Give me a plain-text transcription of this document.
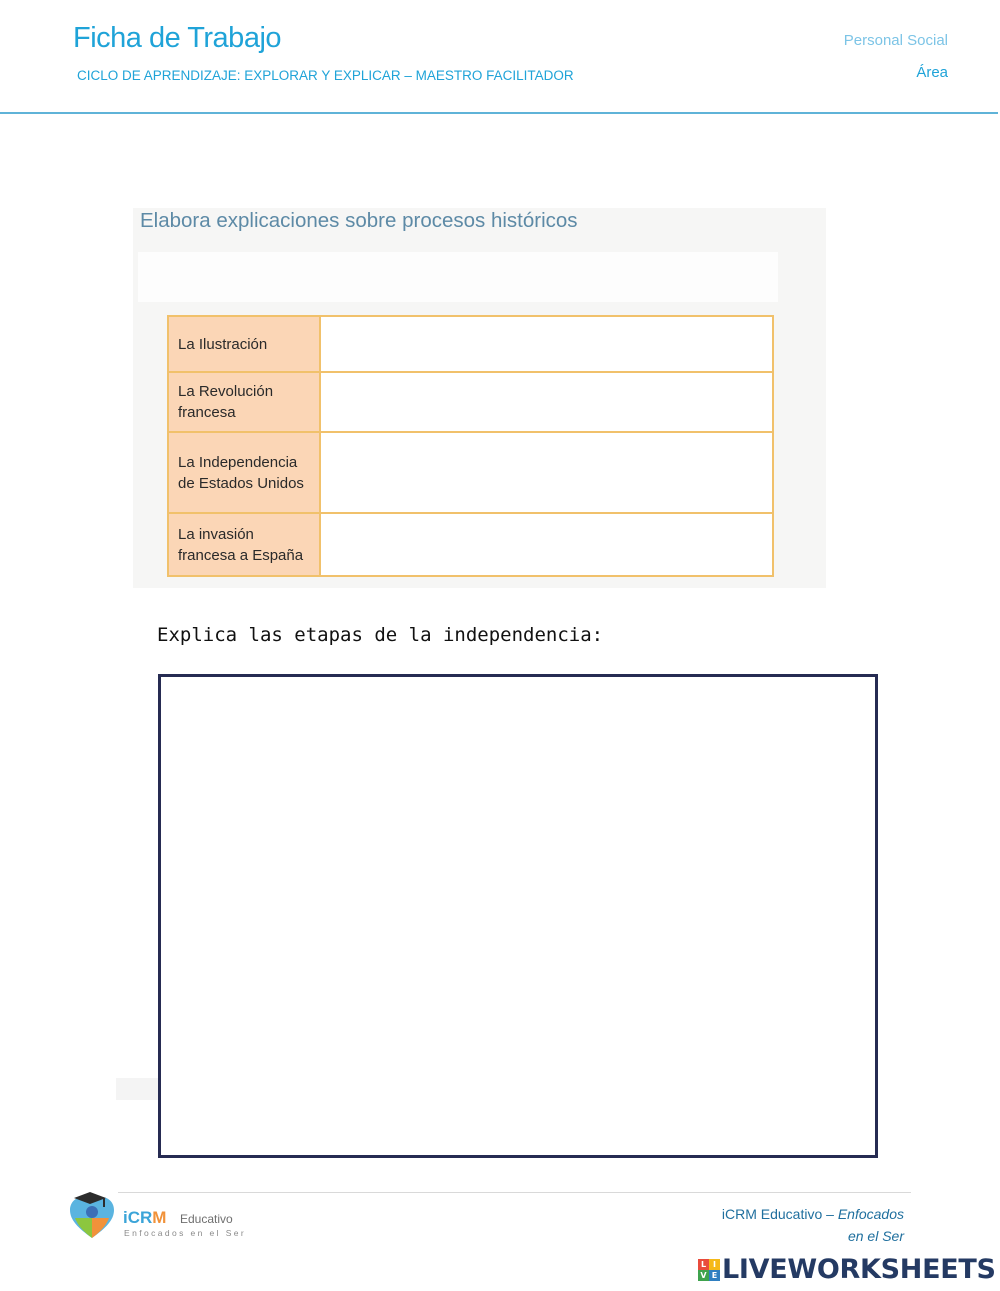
Ficha de Trabajo
CICLO DE APRENDIZAJE: EXPLORAR Y EXPLICAR – MAESTRO FACILITADOR
Personal Social
Área
Elabora explicaciones sobre procesos históricos
La Ilustración	
La Revolución francesa	
La Independencia de Estados Unidos	
La invasión francesa a España	
Explica las etapas de la independencia:
iCRM Educativo
Enfocados en el Ser
iCRM Educativo – Enfocados
en el Ser
L I
V E LIVEWORKSHEETS
